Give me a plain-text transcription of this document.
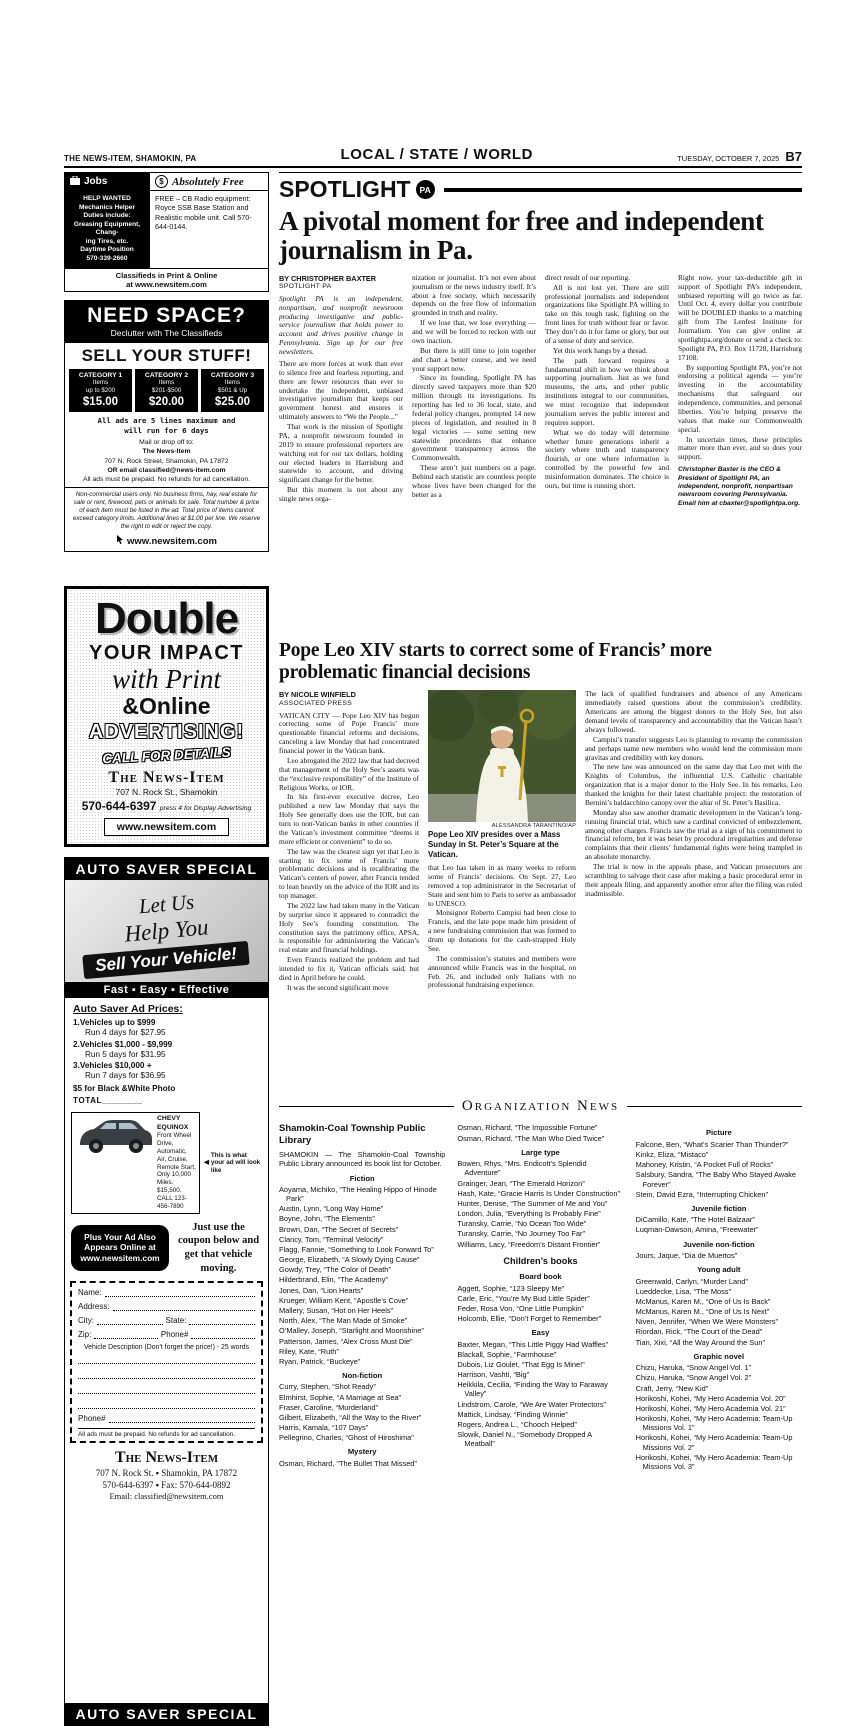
THE NEWS-ITEM, SHAMOKIN, PA	LOCAL / STATE / WORLD	TUESDAY, OCTOBER 7, 2025 B7
Jobs	$ Absolutely Free
HELP WANTED
Mechanics Helper
Duties include:
Greasing Equipment, Chang-
ing Tires, etc.
Daytime Position
570-339-2660
FREE – CB Radio equipment: Royce SSB Base Station and Realistic mobile unit. Call 570-644-0144.
Classifieds in Print & Online
at www.newsitem.com
NEED SPACE?
Declutter with The Classifieds
SELL YOUR STUFF!
CATEGORY 1
Items
up to $200
$15.00
CATEGORY 2
Items
$201-$500
$20.00
CATEGORY 3
Items
$501 & Up
$25.00
All ads are 5 lines maximum and
will run for 6 days
Mail or drop off to:
The News-Item
707 N. Rock Street, Shamokin, PA 17872
OR email classified@news-item.com
All ads must be prepaid. No refunds for ad cancellation.
Non-commercial users only. No business firms, hay, real estate for sale or rent, firewood, pets or animals for sale. Total number & price of each item must be listed in the ad. Total price of items cannot exceed category limits. Additional lines at $1.00 per line. We reserve the right to edit or reject the copy.
www.newsitem.com
Double
YOUR IMPACT
with Print
&Online
ADVERTISING!
CALL FOR DETAILS
The News-Item
707 N. Rock St., Shamokin
570-644-6397 press 4 for Display Advertising
www.newsitem.com
AUTO SAVER SPECIAL
Let Us
Help You
Sell Your Vehicle!
Fast ▪ Easy ▪ Effective
Auto Saver Ad Prices:
1.Vehicles up to $999
Run 4 days for $27.95
2.Vehicles $1,000 - $9,999
Run 5 days for $31.95
3.Vehicles $10,000 +
Run 7 days for $36.95
$5 for Black &White Photo
TOTAL________
CHEVY EQUINOX Front Wheel Drive, Automatic, Air, Cruise, Remote Start, Only 10,000 Miles. $15,500. CALL 123-456-7890
◀
This is what your ad will look like
Plus Your Ad Also Appears Online at www.newsitem.com
Just use the coupon below and get that vehicle moving.
Name:
Address:
City:	State:
Zip:	Phone#
Vehicle Description (Don’t forget the price!) - 25 words
Phone#
All ads must be prepaid. No refunds for ad cancellation.
The News-Item
707 N. Rock St. ▪ Shamokin, PA 17872
570-644-6397 ▪ Fax: 570-644-0892
Email: classified@newsitem.com
AUTO SAVER SPECIAL
SPOTLIGHT	PA
A pivotal moment for free and independent journalism in Pa.
BY CHRISTOPHER BAXTER
SPOTLIGHT PA

Spotlight PA is an independent, nonpartisan, and nonprofit newsroom producing investigative and public-service journalism that holds power to account and drives positive change in Pennsylvania. Sign up for our free newsletters.

There are more forces at work than ever to silence free and fearless reporting, and there are fewer resources than ever to undertake the independent, unbiased investigative journalism that keeps our government honest and ensures it ultimately answers to “We the People...”

That work is the mission of Spotlight PA, a nonprofit newsroom founded in 2019 to ensure professional reporters are watching out for our tax dollars, holding our elected leaders in Harrisburg and statewide to account, and driving significant change for the better.

But this moment is not about any single news orga-

nization or journalist. It’s not even about journalism or the news industry itself. It’s about a free society, which necessarily depends on the free flow of information grounded in truth and reality.

If we lose that, we lose everything — and we will be forced to reckon with our own inaction.

But there is still time to join together and chart a better course, and we need your support now.

Since its founding, Spotlight PA has directly saved taxpayers more than $20 million through its investigations. Its reporting has led to 36 local, state, and federal policy changes, prompted 14 new pieces of legislation, and resulted in 8 legal victories — some setting new statewide precedents that enhance government transparency across the Commonwealth.

These aren’t just numbers on a page. Behind each statistic are countless people whose lives have been changed for the better as a

direct result of our reporting.

All is not lost yet. There are still professional journalists and independent organizations like Spotlight PA willing to take on this tough task, fighting on the front lines for truth without fear or favor. They don’t do it for fame or glory, but out of a sense of duty and service.

Yet this work hangs by a thread.

The path forward requires a fundamental shift in how we think about supporting journalism. Just as we fund museums, the arts, and other public institutions integral to our communities, we must recognize that independent journalism serves the public interest and requires support.

What we do today will determine whether future generations inherit a society where truth and transparency flourish, or one where information is controlled by the powerful few and misinformation dominates. The choice is ours, but time is running short.

Right now, your tax-deductible gift in support of Spotlight PA’s independent, unbiased reporting will go twice as far. Until Oct. 4, every dollar you contribute will be DOUBLED thanks to a matching gift from The Lenfest Institute for Journalism. You can give online at spotlightpa.org/donate or send a check to: Spotlight PA, P.O. Box 11728, Harrisburg 17108.

By supporting Spotlight PA, you’re not endorsing a political agenda — you’re investing in the accountability mechanisms that safeguard our independence, communities, and personal liberties. You’re helping preserve the values that make our Commonwealth special.

In uncertain times, these principles matter more than ever, and so does your support.

Christopher Baxter is the CEO & President of Spotlight PA, an independent, nonprofit, nonpartisan newsroom covering Pennsylvania. Email him at cbaxter@spotlightpa.org.

Pope Leo XIV starts to correct some of Francis’ more problematic financial decisions
BY NICOLE WINFIELD
ASSOCIATED PRESS

VATICAN CITY — Pope Leo XIV has begun correcting some of Pope Francis’ more questionable financial reforms and decisions, canceling a law Monday that had concentrated financial power in the Vatican bank.

Leo abrogated the 2022 law that had decreed that management of the Holy See’s assets was the “exclusive responsibility” of the Institute of Religious Works, or IOR.

In his first-ever executive decree, Leo published a new law Monday that says the Holy See generally does use the IOR, but can turn to non-Vatican banks in other countries if the Vatican’s investment committee “deems it more efficient or convenient” to do so.

The law was the clearest sign yet that Leo is starting to fix some of Francis’ more problematic decisions and is recalibrating the Vatican’s centers of power, after Francis tended to lean heavily on the advice of the IOR and its top manager.

The 2022 law had taken many in the Vatican by surprise since it appeared to contradict the Holy See’s founding constitution. The constitution says the patrimony office, APSA, is responsible for administering the Vatican’s real estate and financial holdings.

Even Francis realized the problem and had intended to fix it, Vatican officials said, but died in April before he could.

It was the second significant move

ALESSANDRA TARANTINO/AP
Pope Leo XIV presides over a Mass Sunday in St. Peter’s Square at the Vatican.

that Leo has taken in as many weeks to reform some of Francis’ decisions. On Sept. 27, Leo removed a top administrator in the Secretariat of State and sent him to Paris to serve as ambassador to UNESCO.

Monsignor Roberto Campisi had been close to Francis, and the late pope made him president of a new fundraising commission that was formed to drum up donations for the cash-strapped Holy See.

The commission’s statutes and members were announced while Francis was in the hospital, on Feb. 26, and included only Italians with no professional fundraising experience.

The lack of qualified fundraisers and absence of any Americans immediately raised questions about the commission’s credibility. Americans are among the biggest donors to the Holy See, but also demand levels of transparency and accountability that the Vatican hasn’t always followed.

Campisi’s transfer suggests Leo is planning to revamp the commission and perhaps name new members who would lend the commission more gravitas and credibility with key donors.

The new law was announced on the same day that Leo met with the Knights of Columbus, the influential U.S. Catholic charitable organization that is a major donor to the Holy See. In his remarks, Leo thanked the knights for their latest charitable project: the restoration of Bernini’s baldacchino canopy over the altar of St. Peter’s Basilica.

Monday also saw another dramatic development in the Vatican’s long-running financial trial, which saw a cardinal convicted of embezzlement, among other charges. Francis saw the trial as a sign of his commitment to financial reform, but it was beset by procedural irregularities and defense complaints that their clients’ fundamental rights were being trampled in an absolute monarchy.

The trial is now in the appeals phase, and Vatican prosecutors are scrambling to salvage their case after making a basic procedural error in their appeals filing, and apparently another error after the filing was ruled inadmissible.

Organization News
Shamokin-Coal Township Public Library
SHAMOKIN — The Shamokin-Coal Township Public Library announced its book list for October.
Fiction
Aoyama, Michiko, “The Healing Hippo of Hinode Park”
Austin, Lynn, “Long Way Home”
Boyne, John, “The Elements”
Brown, Dan, “The Secret of Secrets”
Clancy, Tom, “Terminal Velocity”
Flagg, Fannie, “Something to Look Forward To”
George, Elizabeth, “A Slowly Dying Cause”
Gowdy, Trey, “The Color of Death”
Hilderbrand, Elin, “The Academy”
Jones, Dan, “Lion Hearts”
Krueger, William Kent, “Apostle’s Cove”
Mallery, Susan, “Hot on Her Heels”
North, Alex, “The Man Made of Smoke”
O’Malley, Joseph, “Starlight and Moonshine”
Patterson, James, “Alex Cross Must Die”
Riley, Kate, “Ruth”
Ryan, Patrick, “Buckeye”
Non-fiction
Curry, Stephen, “Shot Ready”
Elmhirst, Sophie, “A Marriage at Sea”
Fraser, Caroline, “Murderland”
Gilbert, Elizabeth, “All the Way to the River”
Harris, Kamala, “107 Days”
Pellegrino, Charles, “Ghost of Hiroshima”
Mystery
Osman, Richard, “The Bullet That Missed”
Osman, Richard, “The Impossible Fortune”
Osman, Richard, “The Man Who Died Twice”
Large type
Bowen, Rhys, “Mrs. Endicott’s Splendid Adventure”
Grainger, Jean, “The Emerald Horizon”
Hash, Kate, “Gracie Harris Is Under Construction”
Hunter, Denise, “The Summer of Me and You”
London, Julia, “Everything Is Probably Fine”
Turansky, Carrie, “No Ocean Too Wide”
Turansky, Carrie, “No Journey Too Far”
Williams, Lacy, “Freedom’s Distant Frontier”
Children’s books
Board book
Aggett, Sophie, “123 Sleepy Me”
Carle, Eric, “You’re My Bud Little Spider”
Feder, Rosa Von, “One Little Pumpkin”
Holcomb, Ellie, “Don’t Forget to Remember”
Easy
Baxter, Megan, “This Little Piggy Had Waffles”
Blackall, Sophie, “Farmhouse”
Dubois, Liz Goulet, “That Egg Is Mine!”
Harrison, Vashti, “Big”
Heikkila, Cecilia, “Finding the Way to Faraway Valley”
Lindstrom, Carole, “We Are Water Protectors”
Mattick, Lindsay, “Finding Winnie”
Rogers, Andrea L., “Chooch Helped”
Slowik, Daniel N., “Somebody Dropped A Meatball”
Picture
Falcone, Ben, “What’s Scarier Than Thunder?”
Kinkz, Eliza, “Mistaco”
Mahoney, Kristin, “A Pocket Full of Rocks”
Salsbury, Sandra, “The Baby Who Stayed Awake Forever”
Stein, David Ezra, “Interrupting Chicken”
Juvenile fiction
DiCamillo, Kate, “The Hotel Balzaar”
Luqman-Dawson, Amina, “Freewater”
Juvenile non-fiction
Jours, Jaque, “Dia de Muertos”
Young adult
Greenwald, Carlyn, “Murder Land”
Lueddecke, Lisa, “The Moss”
McManus, Karen M., “One of Us Is Back”
McManus, Karen M., “One of Us Is Next”
Niven, Jennifer, “When We Were Monsters”
Riordan, Rick, “The Court of the Dead”
Tian, Xixi, “All the Way Around the Sun”
Graphic novel
Chizu, Haruka, “Snow Angel Vol. 1”
Chizu, Haruka, “Snow Angel Vol. 2”
Craft, Jerry, “New Kid”
Horikoshi, Kohei, “My Hero Academia Vol. 20”
Horikoshi, Kohei, “My Hero Academia Vol. 21”
Horikoshi, Kohei, “My Hero Academia: Team-Up Missions Vol. 1”
Horikoshi, Kohei, “My Hero Academia: Team-Up Missions Vol. 2”
Horikoshi, Kohei, “My Hero Academia: Team-Up Missions Vol. 3”
